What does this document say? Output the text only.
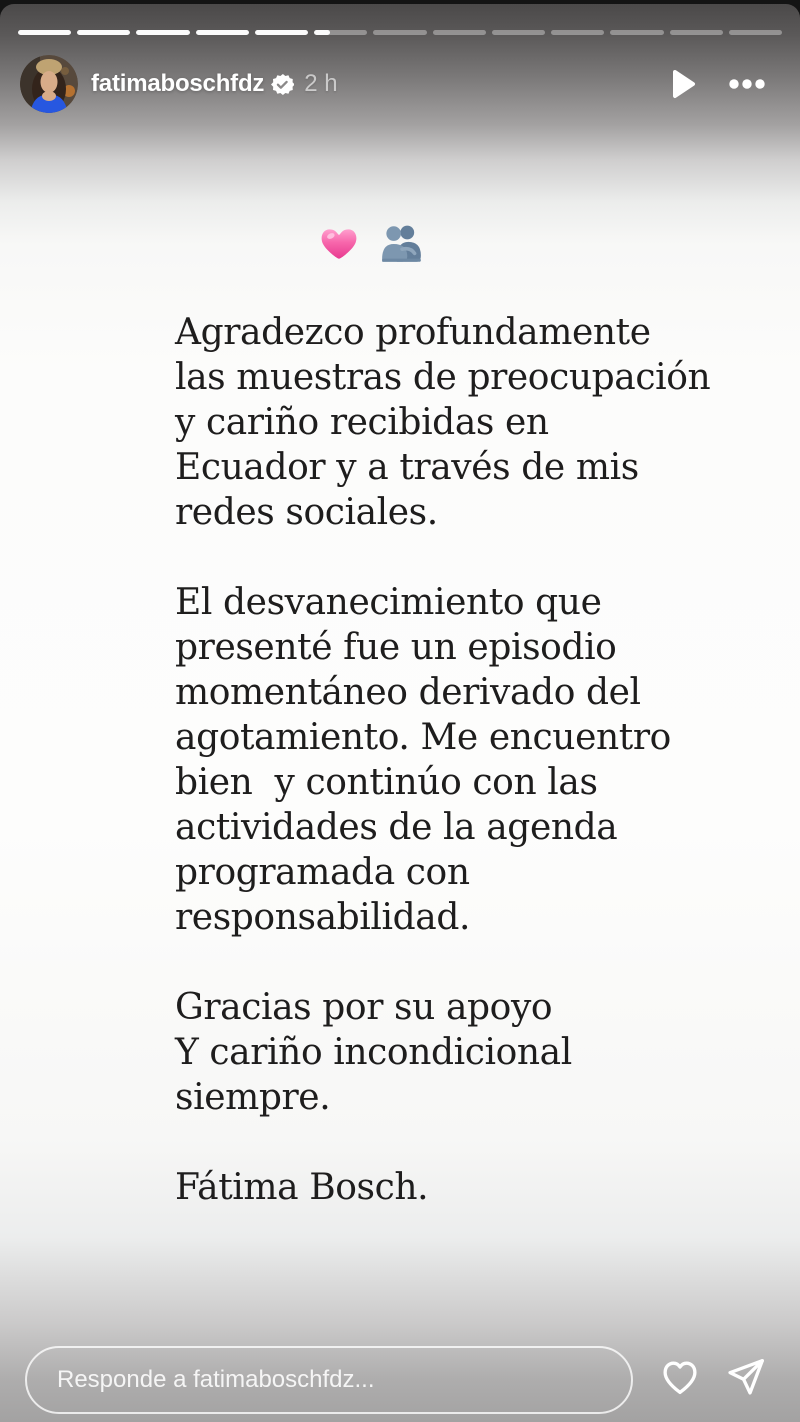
fatimaboschfdz 2 h
Agradezco profundamente
las muestras de preocupación
y cariño recibidas en
Ecuador y a través de mis
redes sociales.
El desvanecimiento que
presenté fue un episodio
momentáneo derivado del
agotamiento. Me encuentro
bien  y continúo con las
actividades de la agenda
programada con
responsabilidad.
Gracias por su apoyo
Y cariño incondicional
siempre.
Fátima Bosch.
Responde a fatimaboschfdz...
